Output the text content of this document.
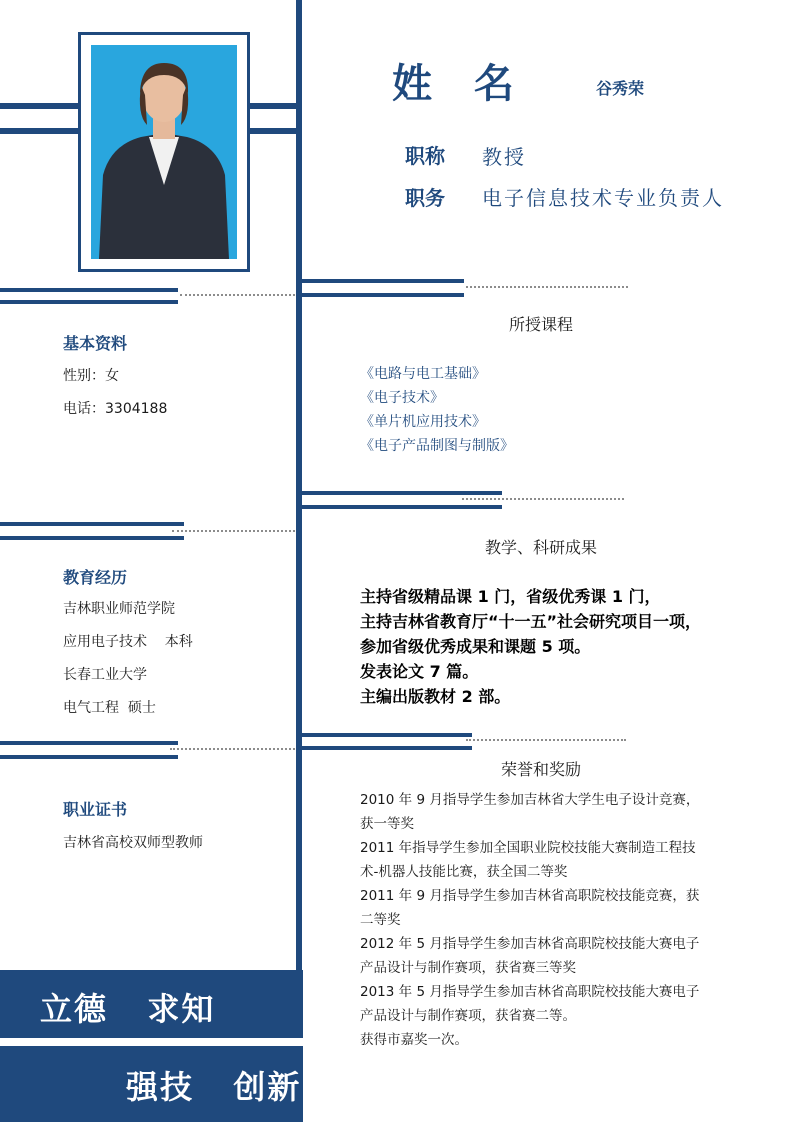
姓 名	谷秀荣
职称 教授
职务 电子信息技术专业负责人
基本资料
性别：女
电话：3304188
所授课程
《电路与电工基础》
《电子技术》
《单片机应用技术》
《电子产品制图与制版》
教学、科研成果
主持省级精品课 1 门，省级优秀课 1 门，
主持吉林省教育厅“十一五”社会研究项目一项，
参加省级优秀成果和课题 5 项。
发表论文 7 篇。
主编出版教材 2 部。
教育经历
吉林职业师范学院
应用电子技术    本科
长春工业大学
电气工程  硕士
荣誉和奖励
2010 年 9 月指导学生参加吉林省大学生电子设计竞赛，
获一等奖
2011 年指导学生参加全国职业院校技能大赛制造工程技
术-机器人技能比赛，获全国二等奖
2011 年 9 月指导学生参加吉林省高职院校技能竞赛，获
二等奖
2012 年 5 月指导学生参加吉林省高职院校技能大赛电子
产品设计与制作赛项，获省赛三等奖
2013 年 5 月指导学生参加吉林省高职院校技能大赛电子
产品设计与制作赛项，获省赛二等。
获得市嘉奖一次。
职业证书
吉林省高校双师型教师
立德   求知
强技   创新
